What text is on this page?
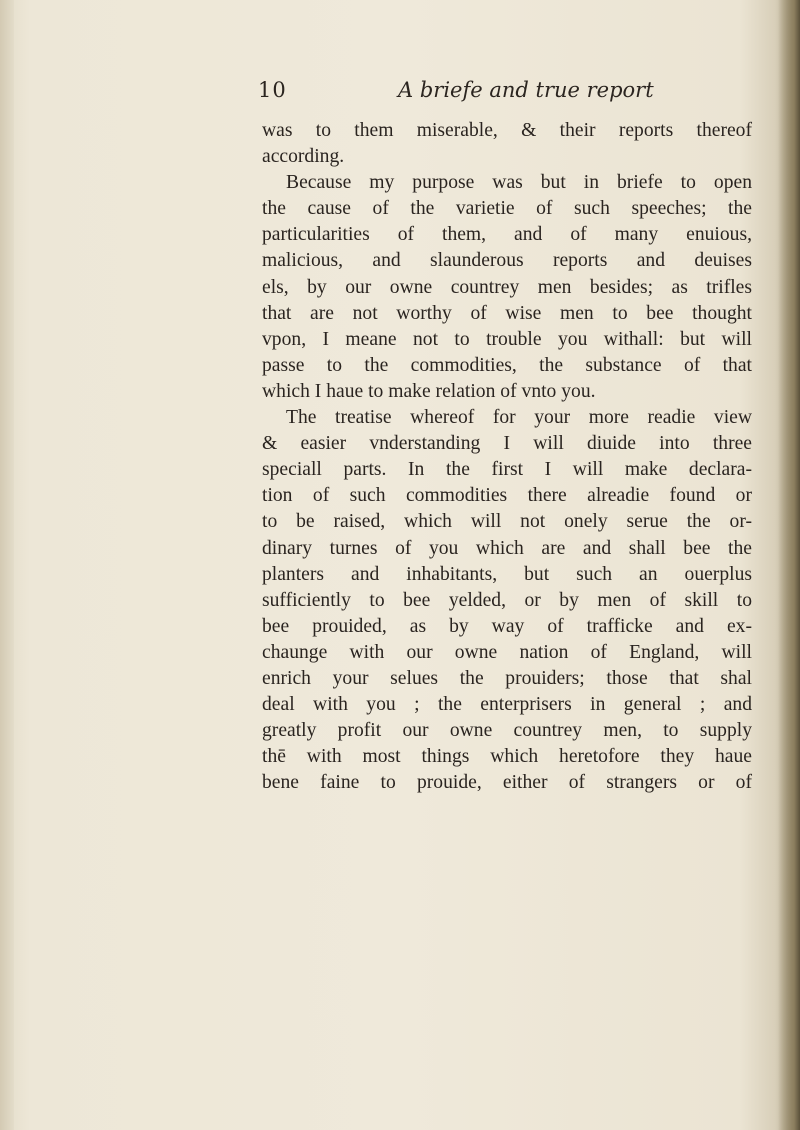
10	A briefe and true report
was to them miserable, & their reports thereof
according.
Because my purpose was but in briefe to open
the cause of the varietie of such speeches; the
particularities of them, and of many enuious,
malicious, and slaunderous reports and deuises
els, by our owne countrey men besides; as trifles
that are not worthy of wise men to bee thought
vpon, I meane not to trouble you withall: but will
passe to the commodities, the substance of that
which I haue to make relation of vnto you.
The treatise whereof for your more readie view
& easier vnderstanding I will diuide into three
speciall parts. In the first I will make declara-
tion of such commodities there alreadie found or
to be raised, which will not onely serue the or-
dinary turnes of you which are and shall bee the
planters and inhabitants, but such an ouerplus
sufficiently to bee yelded, or by men of skill to
bee prouided, as by way of trafficke and ex-
chaunge with our owne nation of England, will
enrich your selues the prouiders; those that shal
deal with you ; the enterprisers in general ; and
greatly profit our owne countrey men, to supply
thē with most things which heretofore they haue
bene faine to prouide, either of strangers or of
